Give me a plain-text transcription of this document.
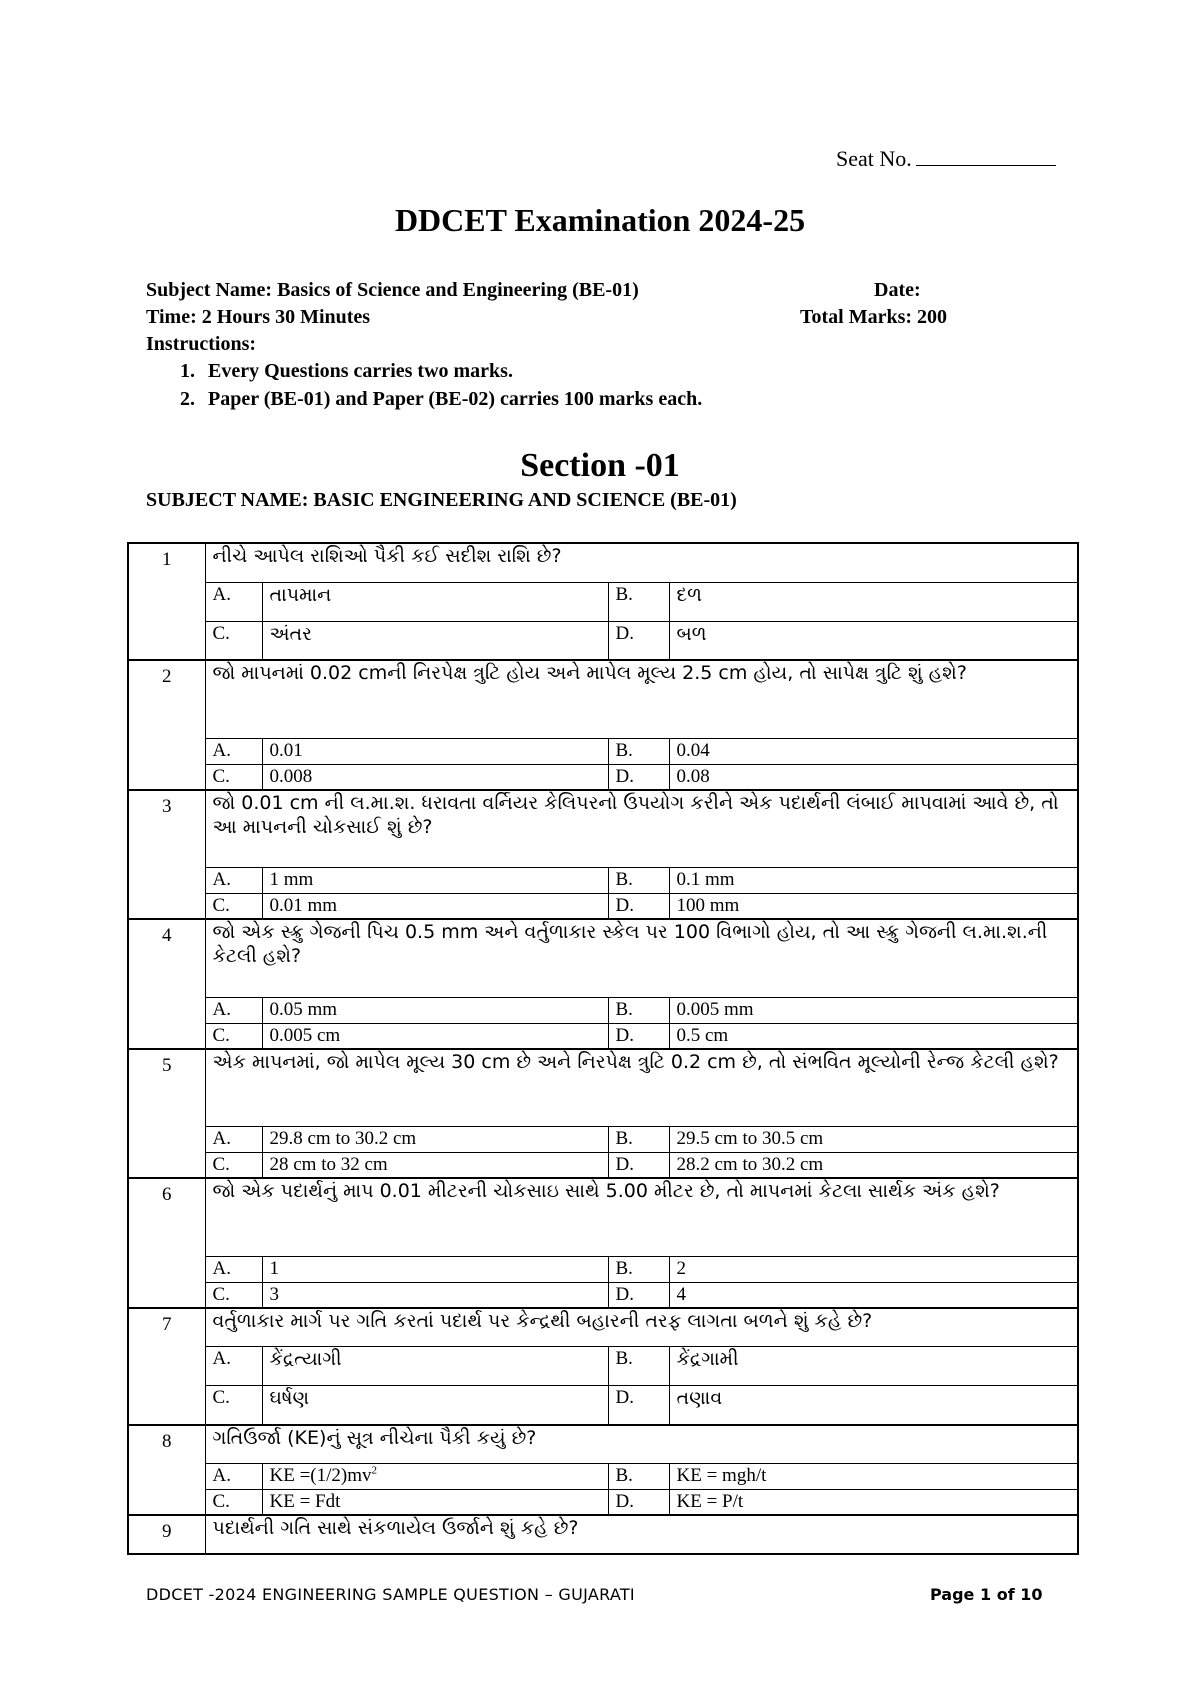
Seat No.
DDCET Examination 2024-25
Subject Name: Basics of Science and Engineering (BE-01)	Date:
Time: 2 Hours 30 Minutes	Total Marks: 200
Instructions:
1. Every Questions carries two marks.
2. Paper (BE-01) and Paper (BE-02) carries 100 marks each.
Section -01
SUBJECT NAME: BASIC ENGINEERING AND SCIENCE (BE-01)
1	નીચે આપેલ રાશિઓ પૈકી કઈ સદીશ રાશિ છે?			
	A.	તાપમાન	B.	દળ
	C.	અંતર	D.	બળ
2	જો માપનમાં 0.02 cmની નિરપેક્ષ ત્રુટિ હોય અને માપેલ મૂલ્ય 2.5 cm હોય, તો સાપેક્ષ ત્રુટિ શું હશે?			
	A.	0.01	B.	0.04
	C.	0.008	D.	0.08
3	જો 0.01 cm ની લ.મા.શ. ધરાવતા વર્નિયર કેલિપરનો ઉપયોગ કરીને એક પદાર્થની લંબાઈ માપવામાં આવે છે, તો આ માપનની ચોકસાઈ શું છે?			
	A.	1 mm	B.	0.1 mm
	C.	0.01 mm	D.	100 mm
4	જો એક સ્ક્રુ ગેજની પિચ 0.5 mm અને વર્તુળાકાર સ્કેલ પર 100 વિભાગો હોય, તો આ સ્ક્રુ ગેજની લ.મા.શ.ની કેટલી હશે?			
	A.	0.05 mm	B.	0.005 mm
	C.	0.005 cm	D.	0.5 cm
5	એક માપનમાં, જો માપેલ મૂલ્ય 30 cm છે અને નિરપેક્ષ ત્રુટિ 0.2 cm છે, તો સંભવિત મૂલ્યોની રેન્જ કેટલી હશે?			
	A.	29.8 cm to 30.2 cm	B.	29.5 cm to 30.5 cm
	C.	28 cm to 32 cm	D.	28.2 cm to 30.2 cm
6	જો એક પદાર્થનું માપ 0.01 મીટરની ચોકસાઇ સાથે 5.00 મીટર છે, તો માપનમાં કેટલા સાર્થક અંક હશે?			
	A.	1	B.	2
	C.	3	D.	4
7	વર્તુળાકાર માર્ગ પર ગતિ કરતાં પદાર્થ પર કેન્દ્રથી બહારની તરફ લાગતા બળને શું કહે છે?			
	A.	કેંદ્રત્યાગી	B.	કેંદ્રગામી
	C.	ઘર્ષણ	D.	તણાવ
8	ગતિઉર્જા (KE)નું સૂત્ર નીચેના પૈકી કયું છે?			
	A.	KE $=(1/2)mv^2$	B.	KE = mgh/t
	C.	KE = Fdt	D.	KE = P/t
9	પદાર્થની ગતિ સાથે સંકળાયેલ ઉર્જાને શું કહે છે?			
DDCET -2024 ENGINEERING SAMPLE QUESTION – GUJARATI	Page 1 of 10
